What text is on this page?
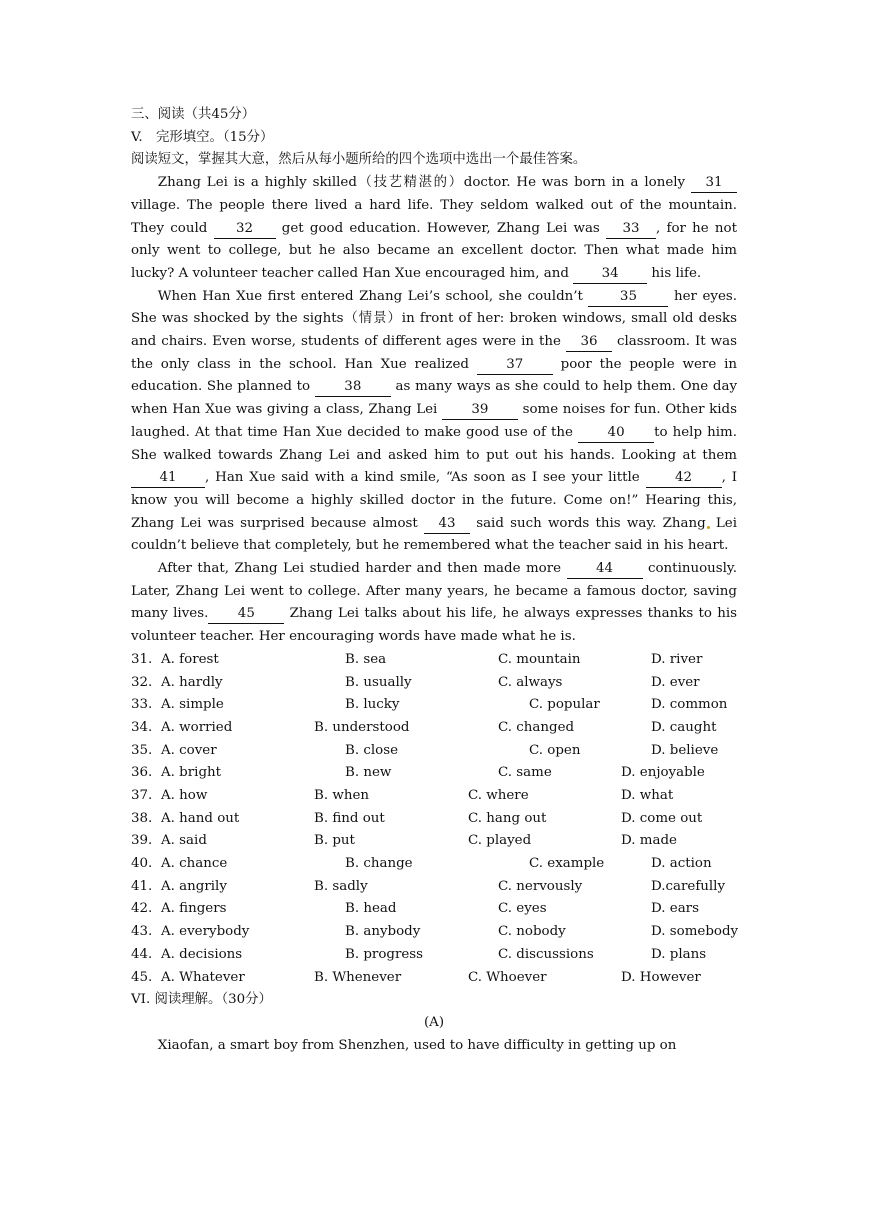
三、阅读（共45分）

V.　完形填空。（15分）

阅读短文，掌握其大意，然后从每小题所给的四个选项中选出一个最佳答案。

Zhang Lei is a highly skilled（技艺精湛的）doctor. He was born in a lonely 31 village. The people there lived a hard life. They seldom walked out of the mountain. They could 32 get good education. However, Zhang Lei was 33 , for he not only went to college, but he also became an excellent doctor. Then what made him lucky? A volunteer teacher called Han Xue encouraged him, and 34 his life.

When Han Xue first entered Zhang Lei’s school, she couldn’t 35 her eyes. She was shocked by the sights（情景）in front of her: broken windows, small old desks and chairs. Even worse, students of different ages were in the 36 classroom. It was the only class in the school. Han Xue realized 37 poor the people were in education. She planned to 38 as many ways as she could to help them. One day when Han Xue was giving a class, Zhang Lei 39 some noises for fun. Other kids laughed. At that time Han Xue decided to make good use of the 40 to help him. She walked towards Zhang Lei and asked him to put out his hands. Looking at them 41 , Han Xue said with a kind smile, “As soon as I see your little 42 , I know you will become a highly skilled doctor in the future. Come on!” Hearing this, Zhang Lei was surprised because almost 43 said such words this way. Zhang Lei couldn’t believe that completely, but he remembered what the teacher said in his heart.

After that, Zhang Lei studied harder and then made more 44 continuously. Later, Zhang Lei went to college. After many years, he became a famous doctor, saving many lives. 45 Zhang Lei talks about his life, he always expresses thanks to his volunteer teacher. Her encouraging words have made what he is.

31. A. forest	B. sea	C. mountain	D. river
32. A. hardly	B. usually	C. always	D. ever
33. A. simple	B. lucky	C. popular	D. common
34. A. worried	B. understood	C. changed	D. caught
35. A. cover	B. close	C. open	D. believe
36. A. bright	B. new	C. same	D. enjoyable
37. A. how	B. when	C. where	D. what
38. A. hand out	B. find out	C. hang out	D. come out
39. A. said	B. put	C. played	D. made
40. A. chance	B. change	C. example	D. action
41. A. angrily	B. sadly	C. nervously	D.carefully
42. A. fingers	B. head	C. eyes	D. ears
43. A. everybody	B. anybody	C. nobody	D. somebody
44. A. decisions	B. progress	C. discussions	D. plans
45. A. Whatever	B. Whenever	C. Whoever	D. However

VI. 阅读理解。（30分）

(A)

Xiaofan, a smart boy from Shenzhen, used to have difficulty in getting up on
